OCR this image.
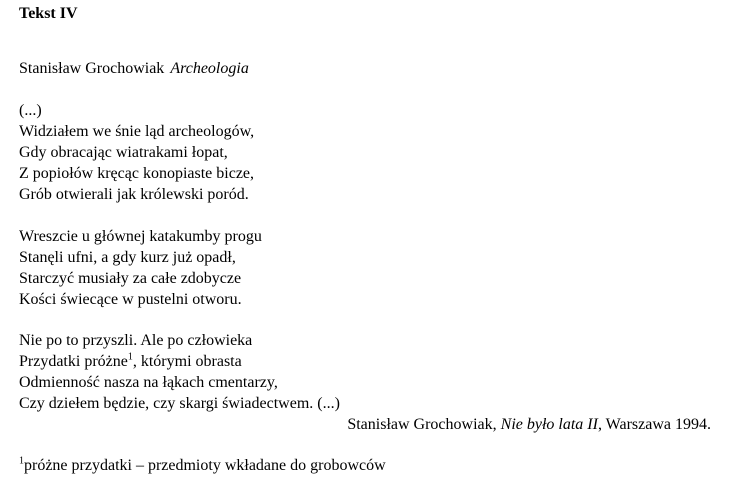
Tekst IV
Stanisław Grochowiak Archeologia
(...)
Widziałem we śnie ląd archeologów,
Gdy obracając wiatrakami łopat,
Z popiołów kręcąc konopiaste bicze,
Grób otwierali jak królewski poród.
Wreszcie u głównej katakumby progu
Stanęli ufni, a gdy kurz już opadł,
Starczyć musiały za całe zdobycze
Kości świecące w pustelni otworu.
Nie po to przyszli. Ale po człowieka
Przydatki próżne$^1$, którymi obrasta
Odmienność nasza na łąkach cmentarzy,
Czy dziełem będzie, czy skargi świadectwem. (...)
Stanisław Grochowiak, Nie było lata II, Warszawa 1994.
$^1$próżne przydatki – przedmioty wkładane do grobowców
